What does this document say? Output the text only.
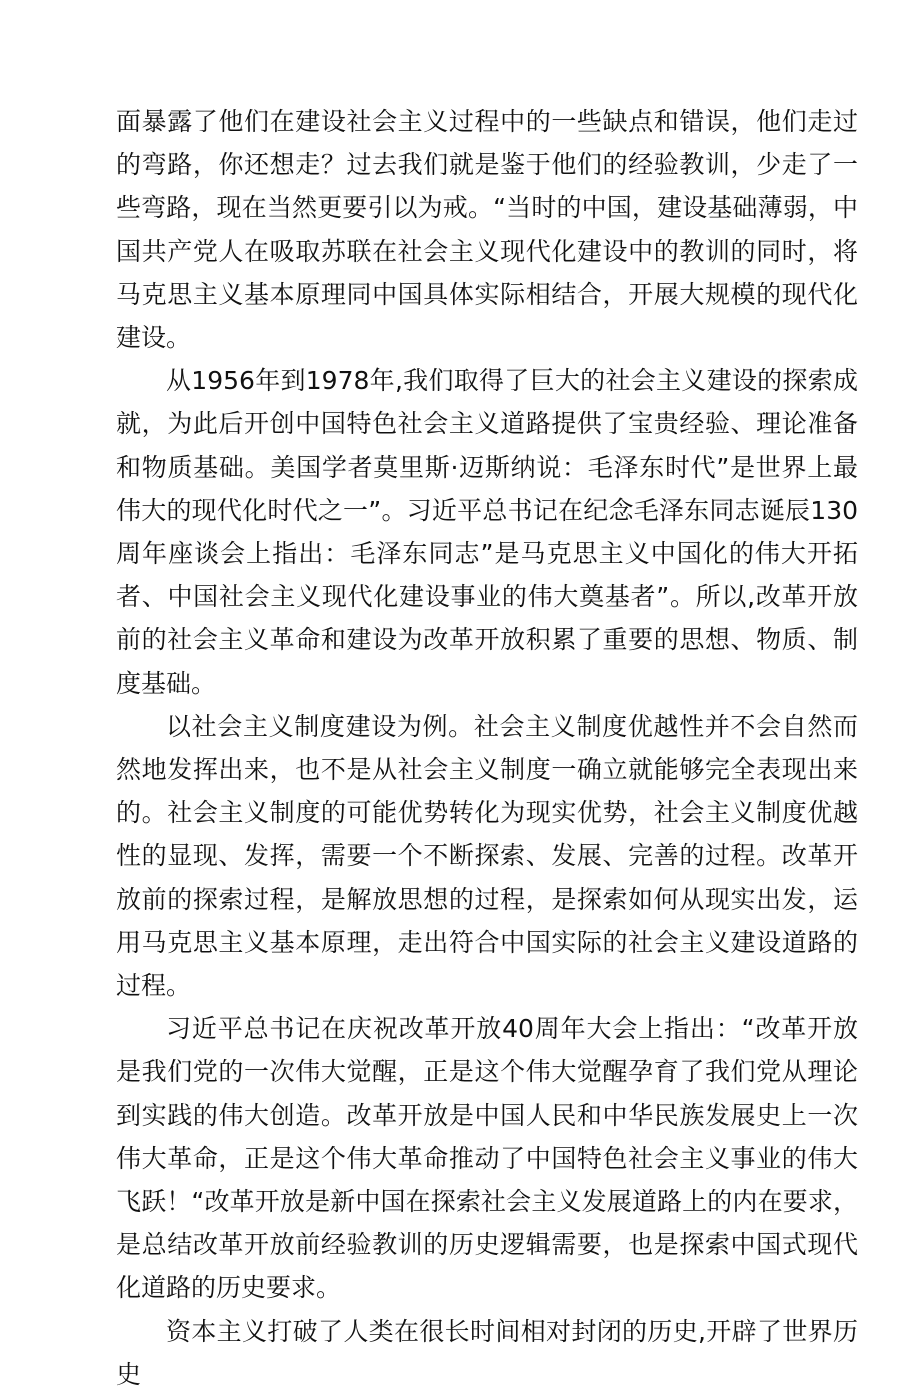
面暴露了他们在建设社会主义过程中的一些缺点和错误，他们走过的弯路，你还想走？过去我们就是鉴于他们的经验教训，少走了一些弯路，现在当然更要引以为戒。“当时的中国，建设基础薄弱，中国共产党人在吸取苏联在社会主义现代化建设中的教训的同时，将马克思主义基本原理同中国具体实际相结合，开展大规模的现代化建设。

从1956年到1978年,我们取得了巨大的社会主义建设的探索成就，为此后开创中国特色社会主义道路提供了宝贵经验、理论准备和物质基础。美国学者莫里斯·迈斯纳说：毛泽东时代”是世界上最伟大的现代化时代之一”。习近平总书记在纪念毛泽东同志诞辰130周年座谈会上指出：毛泽东同志”是马克思主义中国化的伟大开拓者、中国社会主义现代化建设事业的伟大奠基者”。所以,改革开放前的社会主义革命和建设为改革开放积累了重要的思想、物质、制度基础。

以社会主义制度建设为例。社会主义制度优越性并不会自然而然地发挥出来，也不是从社会主义制度一确立就能够完全表现出来的。社会主义制度的可能优势转化为现实优势，社会主义制度优越性的显现、发挥，需要一个不断探索、发展、完善的过程。改革开放前的探索过程，是解放思想的过程，是探索如何从现实出发，运用马克思主义基本原理，走出符合中国实际的社会主义建设道路的过程。

习近平总书记在庆祝改革开放40周年大会上指出：“改革开放是我们党的一次伟大觉醒，正是这个伟大觉醒孕育了我们党从理论到实践的伟大创造。改革开放是中国人民和中华民族发展史上一次伟大革命，正是这个伟大革命推动了中国特色社会主义事业的伟大飞跃！“改革开放是新中国在探索社会主义发展道路上的内在要求，是总结改革开放前经验教训的历史逻辑需要，也是探索中国式现代化道路的历史要求。

资本主义打破了人类在很长时间相对封闭的历史,开辟了世界历史
